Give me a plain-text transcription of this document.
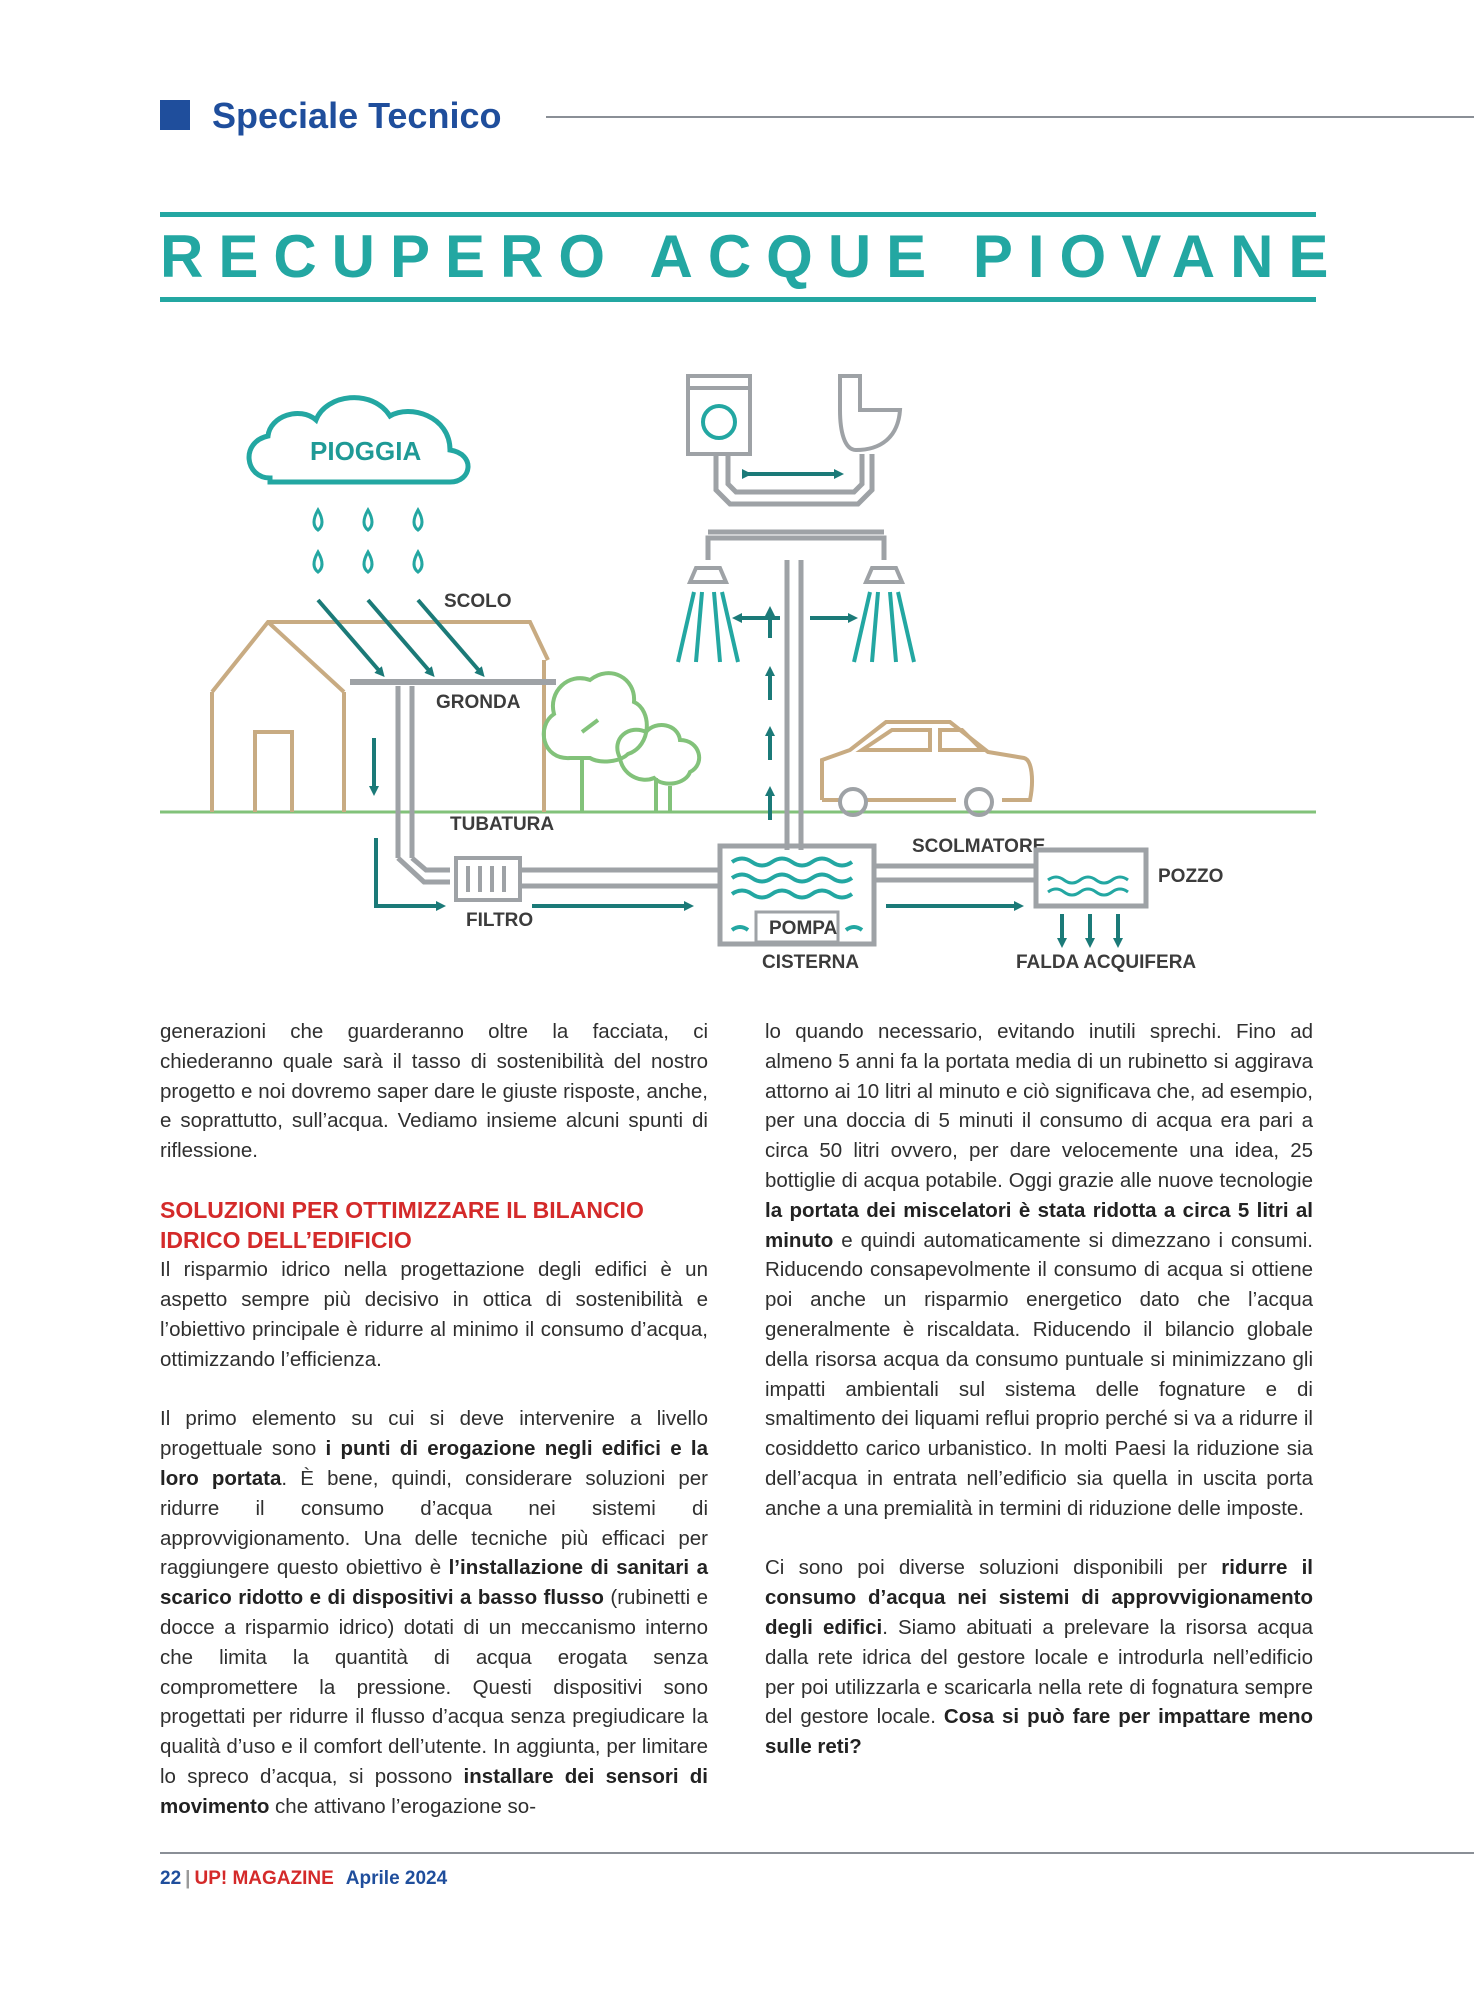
Speciale Tecnico
RECUPERO ACQUE PIOVANE
PIOGGIA
SCOLO
GRONDA
TUBATURA
FILTRO	POMPA
CISTERNA
SCOLMATORE
POZZO
FALDA ACQUIFERA

generazioni che guarderanno oltre la facciata, ci chiederanno quale sarà il tasso di sostenibilità del nostro progetto e noi dovremo saper dare le giuste risposte, anche, e soprattutto, sull’acqua. Vediamo insieme alcuni spunti di riflessione.

SOLUZIONI PER OTTIMIZZARE IL BILANCIO IDRICO DELL’EDIFICIO

Il risparmio idrico nella progettazione degli edifici è un aspetto sempre più decisivo in ottica di sostenibilità e l’obiettivo principale è ridurre al minimo il consumo d’acqua, ottimizzando l’efficienza.

Il primo elemento su cui si deve intervenire a livello progettuale sono i punti di erogazione negli edifici e la loro portata. È bene, quindi, considerare soluzioni per ridurre il consumo d’acqua nei sistemi di approvvigionamento. Una delle tecniche più efficaci per raggiungere questo obiettivo è l’installazione di sanitari a scarico ridotto e di dispositivi a basso flusso (rubinetti e docce a risparmio idrico) dotati di un meccanismo interno che limita la quantità di acqua erogata senza compromettere la pressione. Questi dispositivi sono progettati per ridurre il flusso d’acqua senza pregiudicare la qualità d’uso e il comfort dell’utente. In aggiunta, per limitare lo spreco d’acqua, si possono installare dei sensori di movimento che attivano l’erogazione so-

lo quando necessario, evitando inutili sprechi. Fino ad almeno 5 anni fa la portata media di un rubinetto si aggirava attorno ai 10 litri al minuto e ciò significava che, ad esempio, per una doccia di 5 minuti il consumo di acqua era pari a circa 50 litri ovvero, per dare velocemente una idea, 25 bottiglie di acqua potabile. Oggi grazie alle nuove tecnologie la portata dei miscelatori è stata ridotta a circa 5 litri al minuto e quindi automaticamente si dimezzano i consumi. Riducendo consapevolmente il consumo di acqua si ottiene poi anche un risparmio energetico dato che l’acqua generalmente è riscaldata. Riducendo il bilancio globale della risorsa acqua da consumo puntuale si minimizzano gli impatti ambientali sul sistema delle fognature e di smaltimento dei liquami reflui proprio perché si va a ridurre il cosiddetto carico urbanistico. In molti Paesi la riduzione sia dell’acqua in entrata nell’edificio sia quella in uscita porta anche a una premialità in termini di riduzione delle imposte.

Ci sono poi diverse soluzioni disponibili per ridurre il consumo d’acqua nei sistemi di approvvigionamento degli edifici. Siamo abituati a prelevare la risorsa acqua dalla rete idrica del gestore locale e introdurla nell’edificio per poi utilizzarla e scaricarla nella rete di fognatura sempre del gestore locale. Cosa si può fare per impattare meno sulle reti?

22 | UP! MAGAZINE Aprile 2024
